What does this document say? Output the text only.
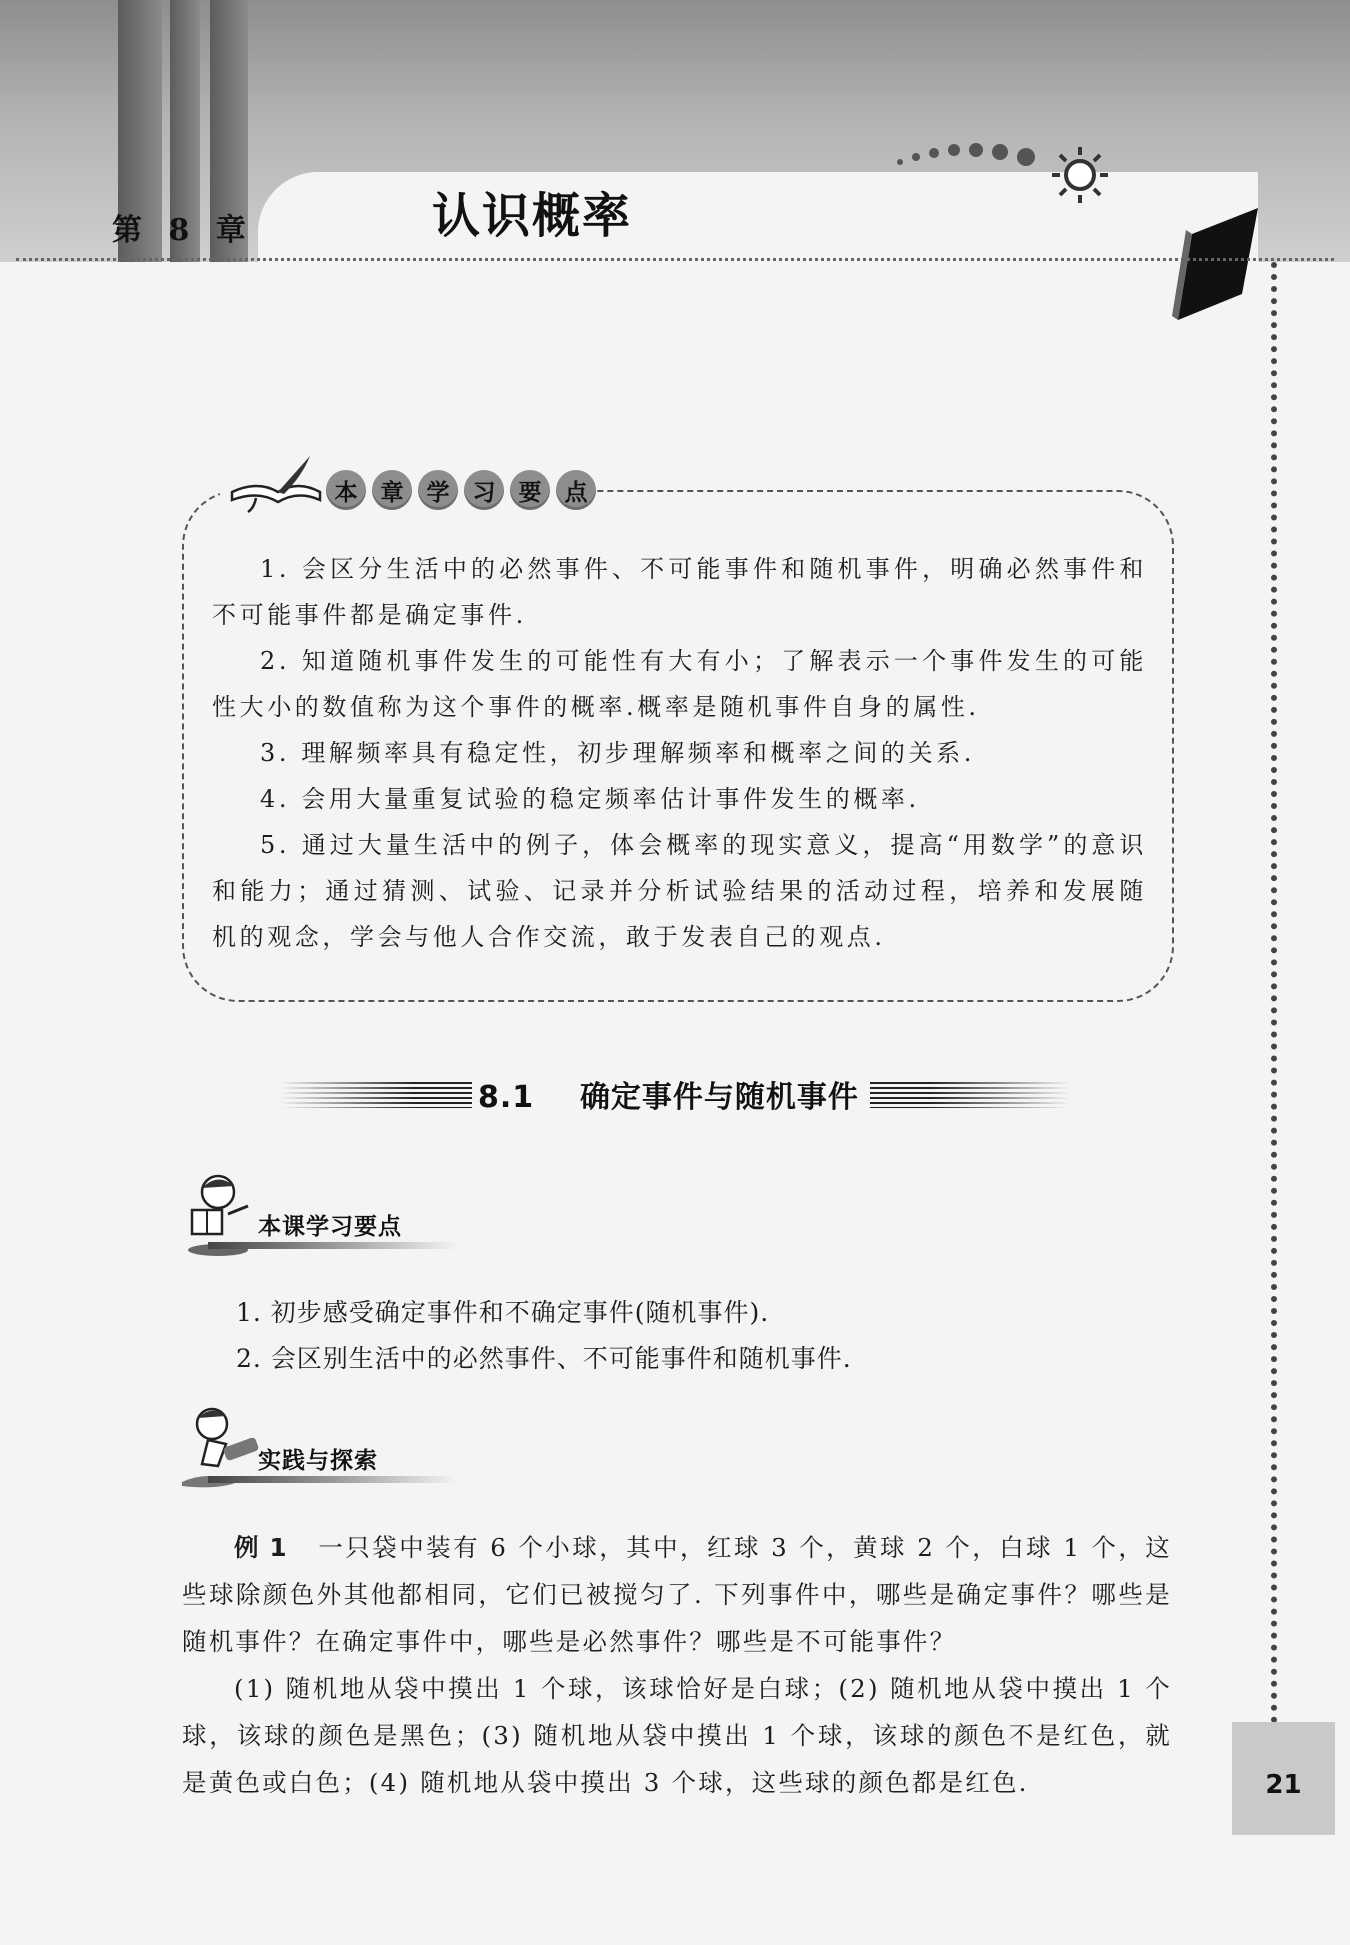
第 8 章	认识概率
本	章	学	习	要	点

1. 会区分生活中的必然事件、不可能事件和随机事件，明确必然事件和不可能事件都是确定事件.

2. 知道随机事件发生的可能性有大有小；了解表示一个事件发生的可能性大小的数值称为这个事件的概率.概率是随机事件自身的属性.

3. 理解频率具有稳定性，初步理解频率和概率之间的关系.

4. 会用大量重复试验的稳定频率估计事件发生的概率.

5. 通过大量生活中的例子，体会概率的现实意义，提高“用数学”的意识和能力；通过猜测、试验、记录并分析试验结果的活动过程，培养和发展随机的观念，学会与他人合作交流，敢于发表自己的观点.

8.1 确定事件与随机事件
本课学习要点

1. 初步感受确定事件和不确定事件(随机事件).

2. 会区别生活中的必然事件、不可能事件和随机事件.

实践与探索

例 1 一只袋中装有 6 个小球，其中，红球 3 个，黄球 2 个，白球 1 个，这些球除颜色外其他都相同，它们已被搅匀了. 下列事件中，哪些是确定事件？哪些是随机事件？在确定事件中，哪些是必然事件？哪些是不可能事件？

(1) 随机地从袋中摸出 1 个球，该球恰好是白球；(2) 随机地从袋中摸出 1 个球，该球的颜色是黑色；(3) 随机地从袋中摸出 1 个球，该球的颜色不是红色，就是黄色或白色；(4) 随机地从袋中摸出 3 个球，这些球的颜色都是红色.	21
